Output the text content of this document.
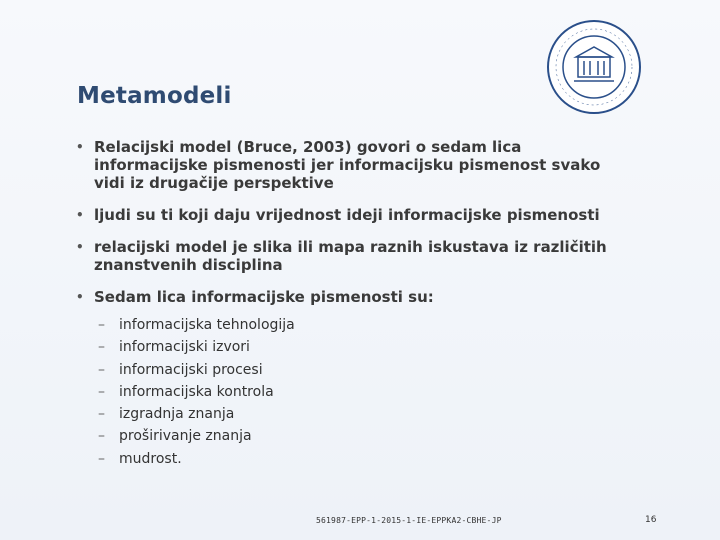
Metamodeli
• Relacijski model (Bruce, 2003) govori o sedam lica informacijske pismenosti jer informacijsku pismenost svako vidi iz drugačije perspektive
• ljudi su ti koji daju vrijednost ideji informacijske pismenosti
• relacijski model je slika ili mapa raznih iskustava iz različitih znanstvenih disciplina
• Sedam lica informacijske pismenosti su:
– informacijska tehnologija
– informacijski izvori
– informacijski procesi
– informacijska kontrola
– izgradnja znanja
– proširivanje znanja
– mudrost.
561987-EPP-1-2015-1-IE-EPPKA2-CBHE-JP	16
